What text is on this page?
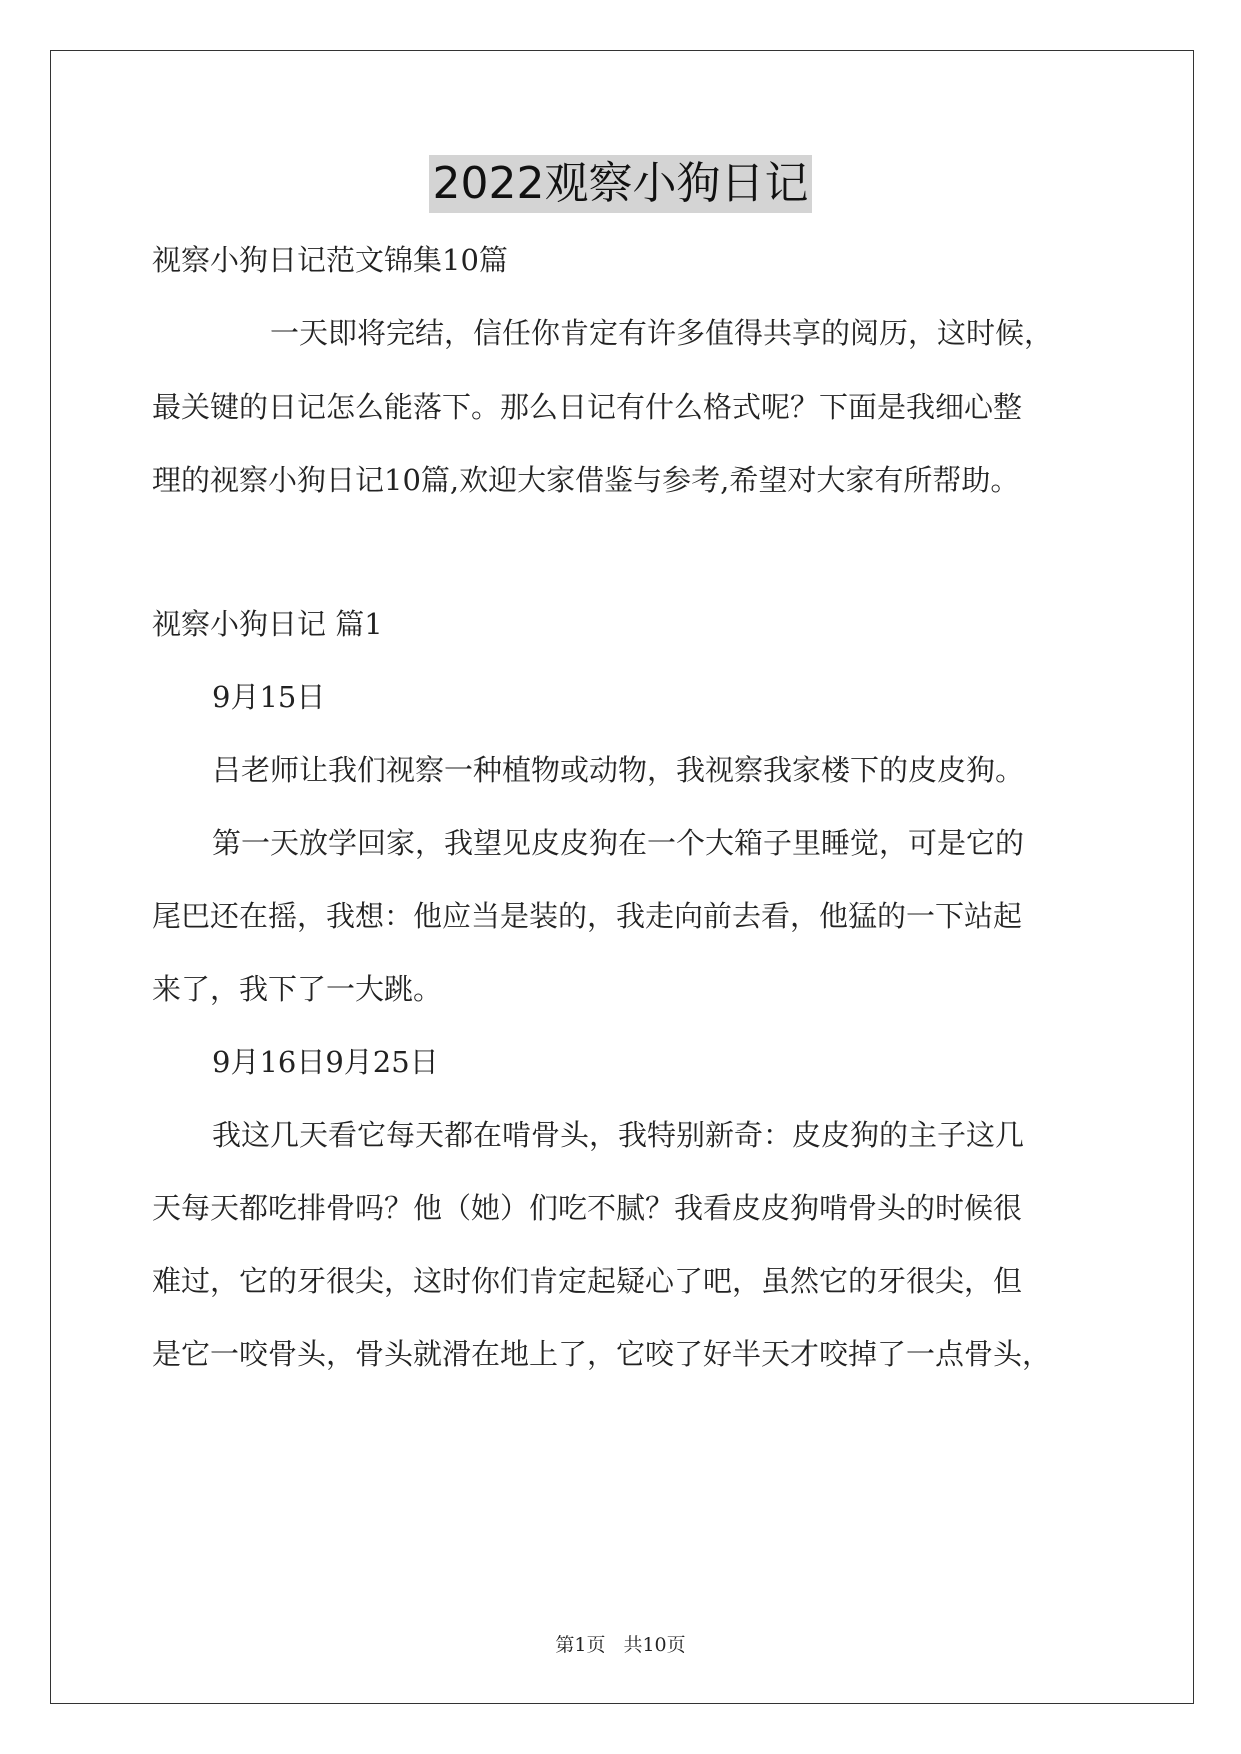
2022观察小狗日记
视察小狗日记范文锦集10篇
一天即将完结，信任你肯定有许多值得共享的阅历，这时候，
最关键的日记怎么能落下。那么日记有什么格式呢？下面是我细心整
理的视察小狗日记10篇,欢迎大家借鉴与参考,希望对大家有所帮助。
视察小狗日记 篇1
9月15日
吕老师让我们视察一种植物或动物，我视察我家楼下的皮皮狗。
第一天放学回家，我望见皮皮狗在一个大箱子里睡觉，可是它的
尾巴还在摇，我想：他应当是装的，我走向前去看，他猛的一下站起
来了，我下了一大跳。
9月16日9月25日
我这几天看它每天都在啃骨头，我特别新奇：皮皮狗的主子这几
天每天都吃排骨吗？他（她）们吃不腻？我看皮皮狗啃骨头的时候很
难过，它的牙很尖，这时你们肯定起疑心了吧，虽然它的牙很尖，但
是它一咬骨头，骨头就滑在地上了，它咬了好半天才咬掉了一点骨头，
第1页 共10页
